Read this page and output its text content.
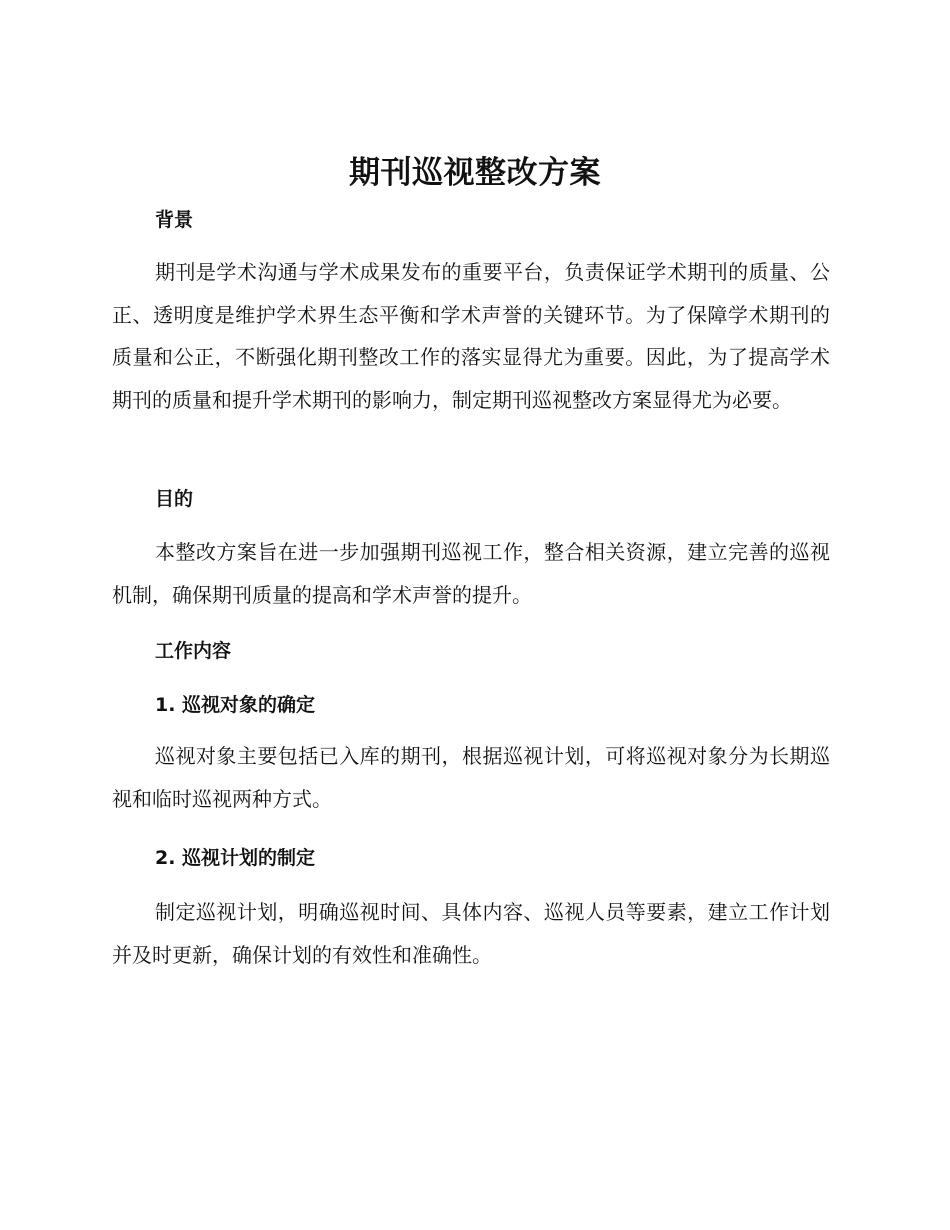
期刊巡视整改方案
背景

期刊是学术沟通与学术成果发布的重要平台，负责保证学术期刊的质量、公正、透明度是维护学术界生态平衡和学术声誉的关键环节。为了保障学术期刊的质量和公正，不断强化期刊整改工作的落实显得尤为重要。因此，为了提高学术期刊的质量和提升学术期刊的影响力，制定期刊巡视整改方案显得尤为必要。

目的

本整改方案旨在进一步加强期刊巡视工作，整合相关资源，建立完善的巡视机制，确保期刊质量的提高和学术声誉的提升。

工作内容
1. 巡视对象的确定

巡视对象主要包括已入库的期刊，根据巡视计划，可将巡视对象分为长期巡视和临时巡视两种方式。

2. 巡视计划的制定

制定巡视计划，明确巡视时间、具体内容、巡视人员等要素，建立工作计划并及时更新，确保计划的有效性和准确性。
